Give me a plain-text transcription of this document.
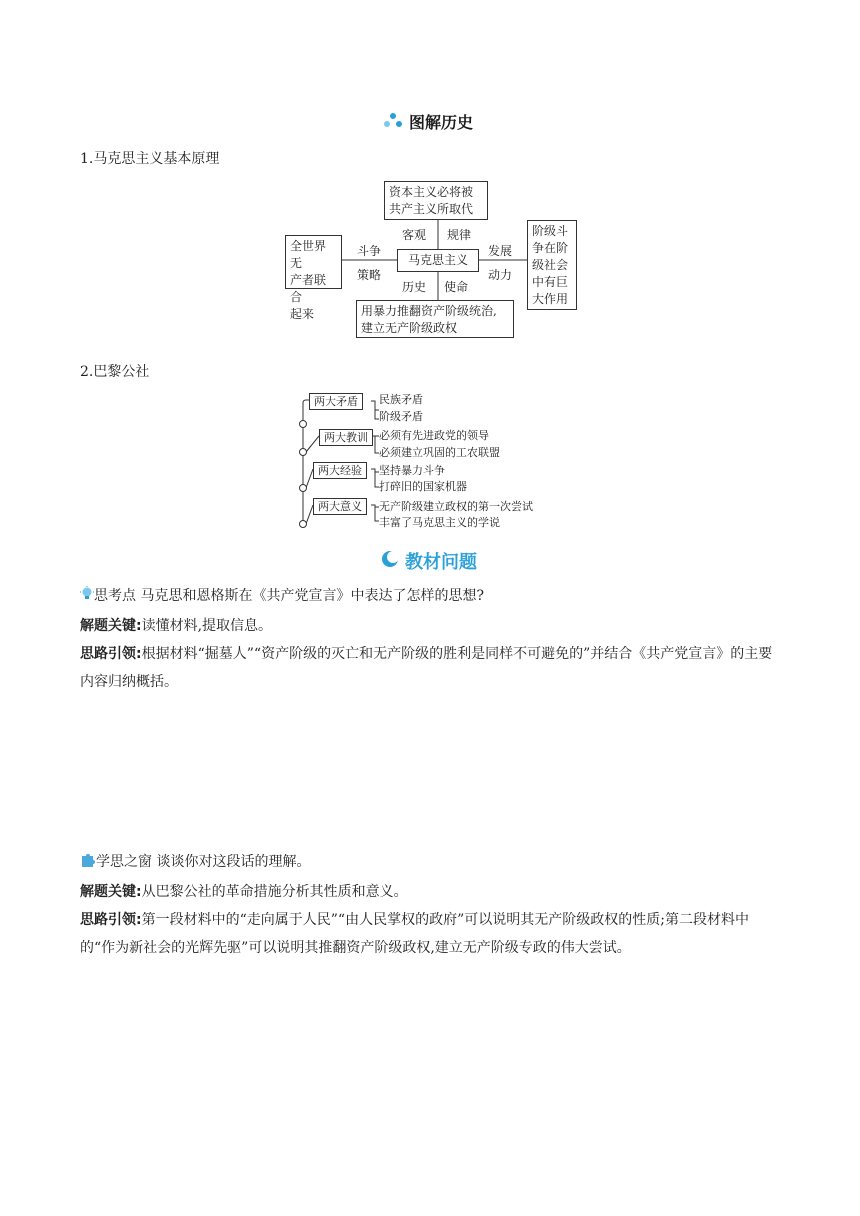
图解历史
1.马克思主义基本原理
资本主义必将被
共产主义所取代
马克思主义
全世界无
产者联合
起来
阶级斗
争在阶
级社会
中有巨
大作用
用暴力推翻资产阶级统治,
建立无产阶级政权
客观 规律
斗争
策略
发展
动力
历史 使命
2.巴黎公社
两大矛盾	民族矛盾
阶级矛盾
两大教训	必须有先进政党的领导
必须建立巩固的工农联盟
两大经验	坚持暴力斗争
打碎旧的国家机器
两大意义	无产阶级建立政权的第一次尝试
丰富了马克思主义的学说
教材问题
思考点 马克思和恩格斯在《共产党宣言》中表达了怎样的思想?
解题关键:读懂材料,提取信息。
思路引领:根据材料“掘墓人”“资产阶级的灭亡和无产阶级的胜利是同样不可避免的”并结合《共产党宣言》的主要内容归纳概括。
学思之窗 谈谈你对这段话的理解。
解题关键:从巴黎公社的革命措施分析其性质和意义。
思路引领:第一段材料中的“走向属于人民”“由人民掌权的政府”可以说明其无产阶级政权的性质;第二段材料中的“作为新社会的光辉先驱”可以说明其推翻资产阶级政权,建立无产阶级专政的伟大尝试。
